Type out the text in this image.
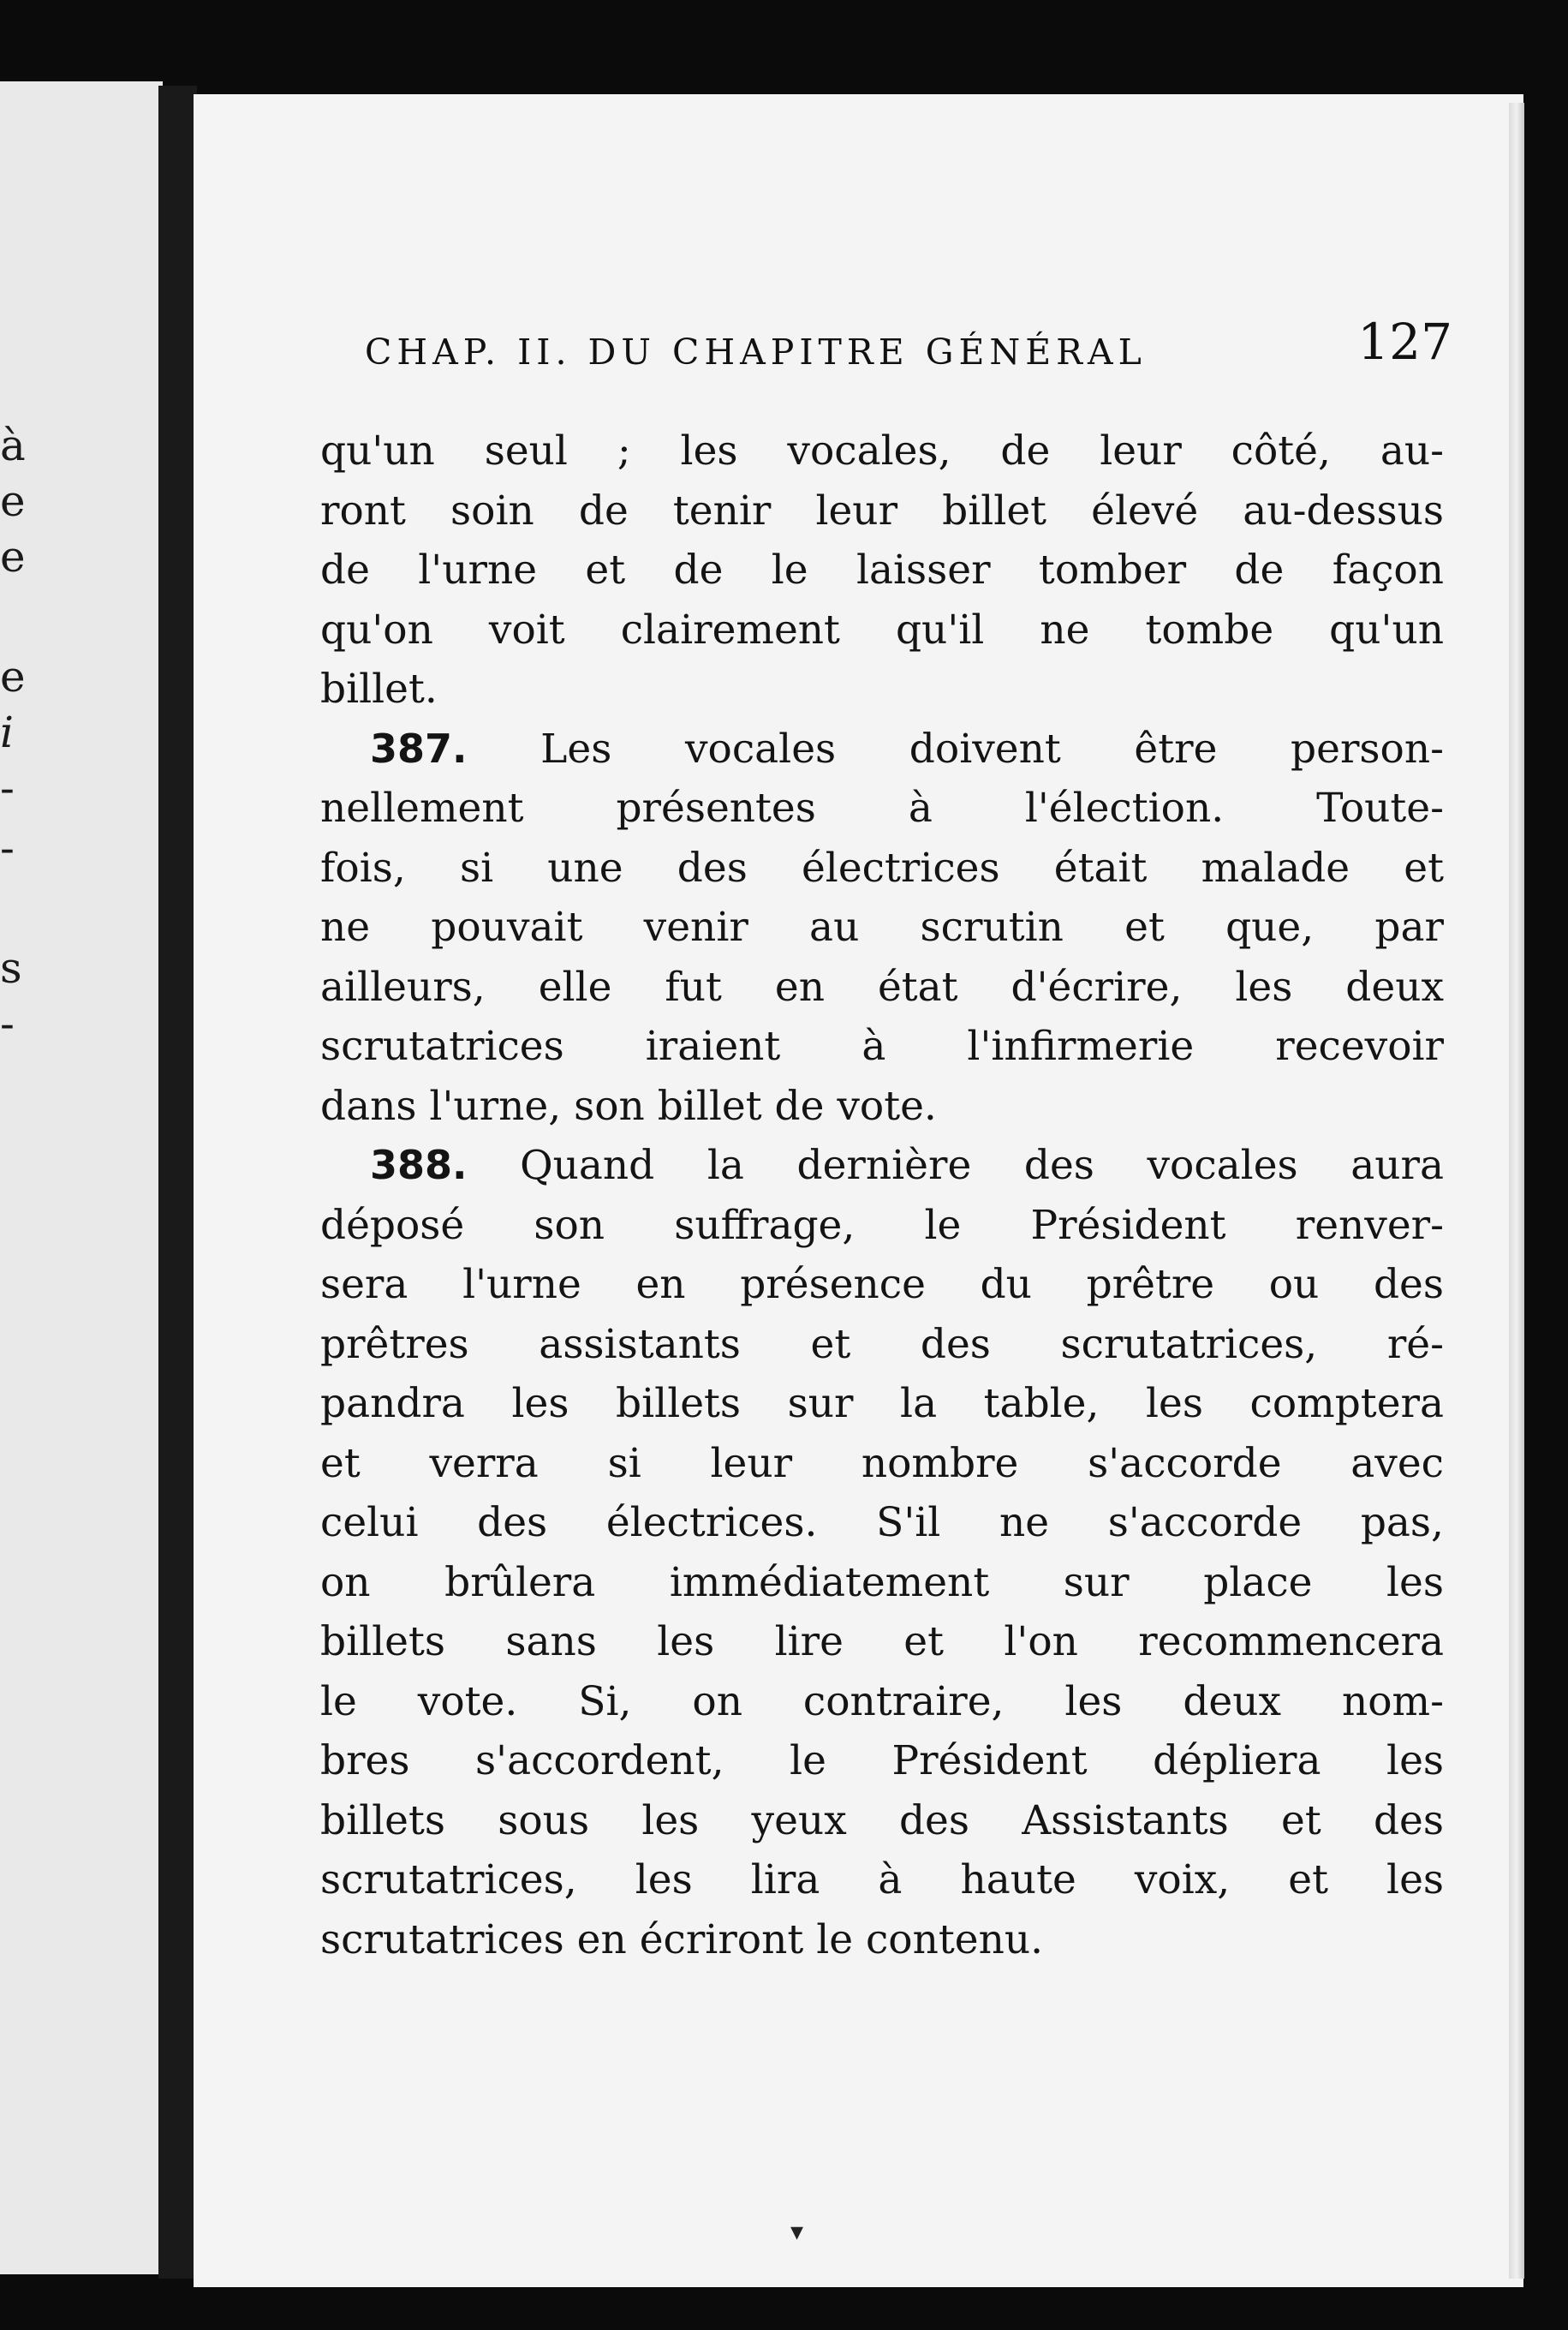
à
e
e
e
i
-
-
s
-
CHAP. II. DU CHAPITRE GÉNÉRAL	127
qu'un seul ; les vocales, de leur côté, au-
ront soin de tenir leur billet élevé au-dessus
de l'urne et de le laisser tomber de façon
qu'on voit clairement qu'il ne tombe qu'un
billet.
387. Les vocales doivent être person-
nellement présentes à l'élection. Toute-
fois, si une des électrices était malade et
ne pouvait venir au scrutin et que, par
ailleurs, elle fut en état d'écrire, les deux
scrutatrices iraient à l'infirmerie recevoir
dans l'urne, son billet de vote.
388. Quand la dernière des vocales aura
déposé son suffrage, le Président renver-
sera l'urne en présence du prêtre ou des
prêtres assistants et des scrutatrices, ré-
pandra les billets sur la table, les comptera
et verra si leur nombre s'accorde avec
celui des électrices. S'il ne s'accorde pas,
on brûlera immédiatement sur place les
billets sans les lire et l'on recommencera
le vote. Si, on contraire, les deux nom-
bres s'accordent, le Président dépliera les
billets sous les yeux des Assistants et des
scrutatrices, les lira à haute voix, et les
scrutatrices en écriront le contenu.
▾
